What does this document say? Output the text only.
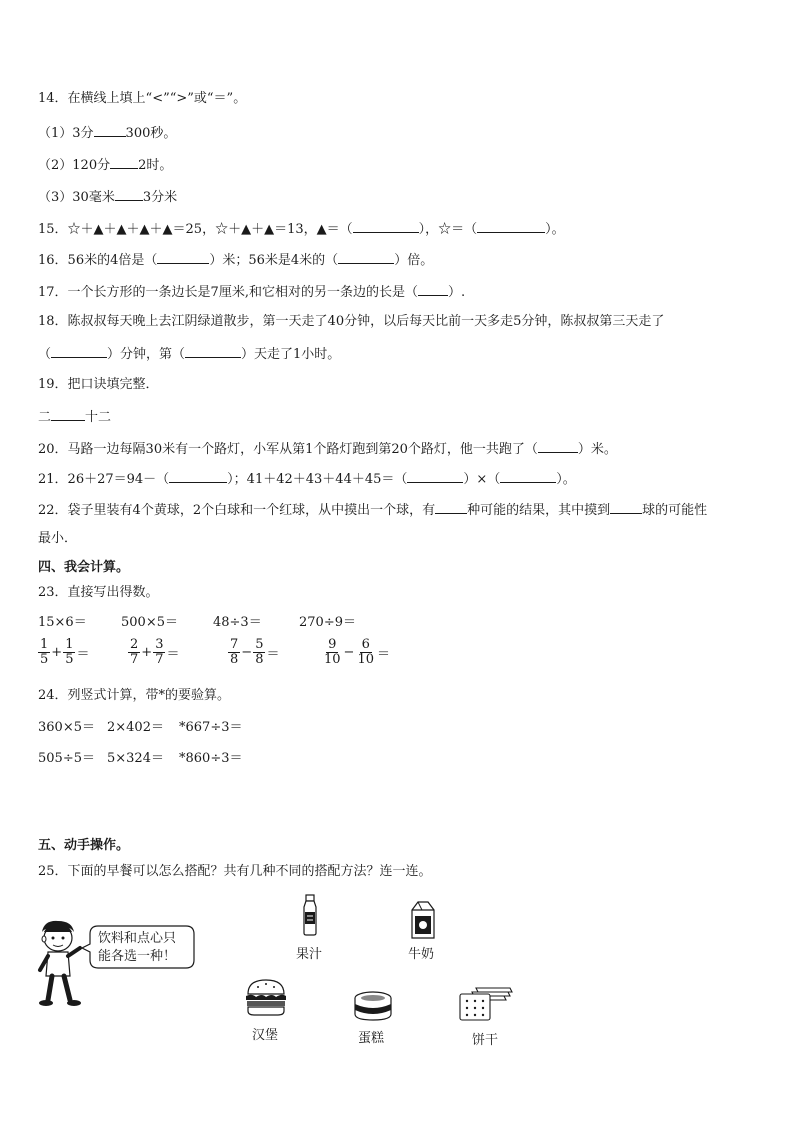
14．在横线上填上“<”“>”或“＝”。
（1）3分 300秒。
（2）120分 2时。
（3）30毫米 3分米
15．☆＋▲＋▲＋▲＋▲＝25，☆＋▲＋▲＝13，▲＝（	），☆＝（	）。
16．56米的4倍是（	）米；56米是4米的（	）倍。
17．一个长方形的一条边长是7厘米,和它相对的另一条边的长是（ ）.
18．陈叔叔每天晚上去江阴绿道散步，第一天走了40分钟，以后每天比前一天多走5分钟，陈叔叔第三天走了
（	）分钟，第（	）天走了1小时。
19．把口诀填完整．
二	十二
20．马路一边每隔30米有一个路灯，小军从第1个路灯跑到第20个路灯，他一共跑了（	）米。
21．26＋27＝94－（	）；41＋42＋43＋44＋45＝（	）×（	）。
22．袋子里装有4个黄球，2个白球和一个红球，从中摸出一个球，有 种可能的结果，其中摸到 球的可能性
最小．
四、我会计算。
23．直接写出得数。
15×6＝	500×5＝	48÷3＝	270÷9＝
$\frac{1}{5} + \frac{1}{5}$ ＝	$\frac{2}{7} + \frac{3}{7}$ ＝	$\frac{7}{8} - \frac{5}{8}$ ＝	$\frac{9}{10} - \frac{6}{10}$ ＝
24．列竖式计算，带*的要验算。
360×5＝ 2×402＝ *667÷3＝
505÷5＝ 5×324＝ *860÷3＝
五、动手操作。
25．下面的早餐可以怎么搭配？共有几种不同的搭配方法？连一连。
饮料和点心只
能各选一种！	果汁	牛奶
汉堡	蛋糕	饼干
